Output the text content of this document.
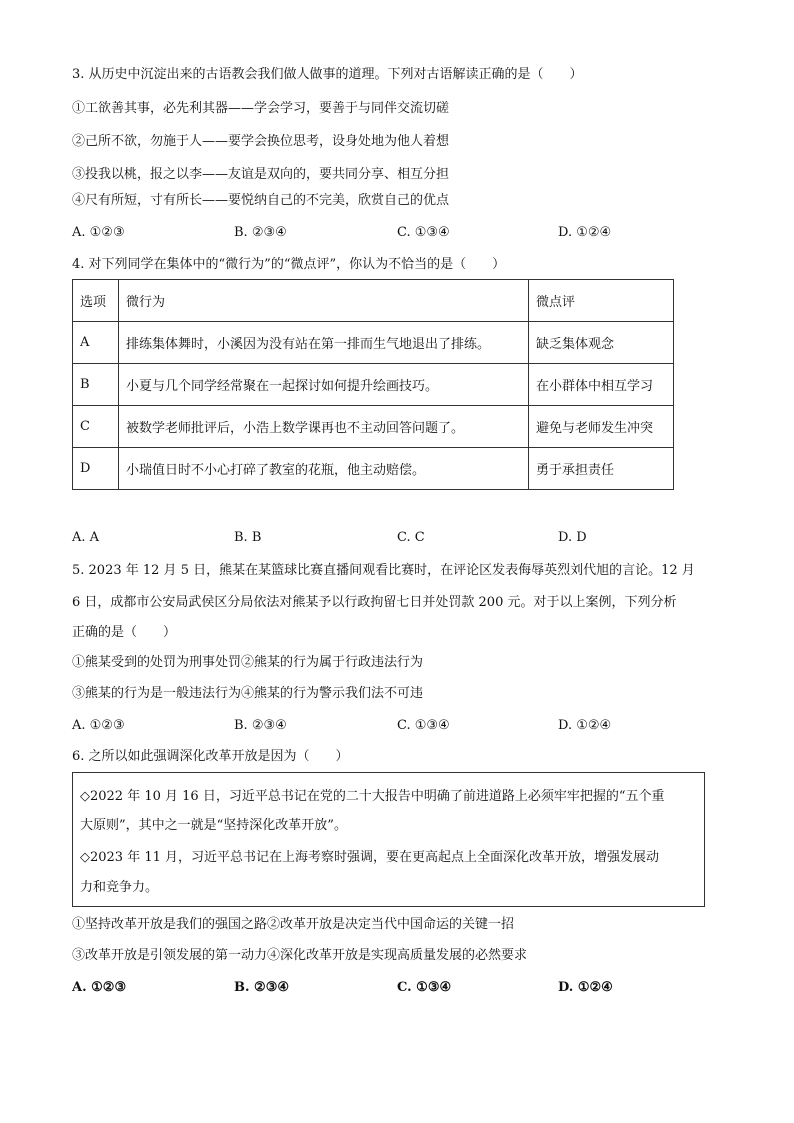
3. 从历史中沉淀出来的古语教会我们做人做事的道理。下列对古语解读正确的是（　　）
①工欲善其事，必先利其器——学会学习，要善于与同伴交流切磋
②己所不欲，勿施于人——要学会换位思考，设身处地为他人着想
③投我以桃，报之以李——友谊是双向的，要共同分享、相互分担
④尺有所短，寸有所长——要悦纳自己的不完美，欣赏自己的优点
A. ①②③	B. ②③④	C. ①③④	D. ①②④
4. 对下列同学在集体中的“微行为”的“微点评”，你认为不恰当的是（　　）
选项	微行为	微点评
A	排练集体舞时，小溪因为没有站在第一排而生气地退出了排练。	缺乏集体观念
B	小夏与几个同学经常聚在一起探讨如何提升绘画技巧。	在小群体中相互学习
C	被数学老师批评后，小浩上数学课再也不主动回答问题了。	避免与老师发生冲突
D	小瑞值日时不小心打碎了教室的花瓶，他主动赔偿。	勇于承担责任
A. A	B. B	C. C	D. D
5. 2023 年 12 月 5 日，熊某在某篮球比赛直播间观看比赛时，在评论区发表侮辱英烈刘代旭的言论。12 月
6 日，成都市公安局武侯区分局依法对熊某予以行政拘留七日并处罚款 200 元。对于以上案例，下列分析
正确的是（　　）
①熊某受到的处罚为刑事处罚②熊某的行为属于行政违法行为
③熊某的行为是一般违法行为④熊某的行为警示我们法不可违
A. ①②③	B. ②③④	C. ①③④	D. ①②④
6. 之所以如此强调深化改革开放是因为（　　）
◇2022 年 10 月 16 日，习近平总书记在党的二十大报告中明确了前进道路上必须牢牢把握的“五个重
大原则”，其中之一就是“坚持深化改革开放”。
◇2023 年 11 月，习近平总书记在上海考察时强调，要在更高起点上全面深化改革开放，增强发展动
力和竞争力。
①坚持改革开放是我们的强国之路②改革开放是决定当代中国命运的关键一招
③改革开放是引领发展的第一动力④深化改革开放是实现高质量发展的必然要求
A. ①②③	B. ②③④	C. ①③④	D. ①②④
